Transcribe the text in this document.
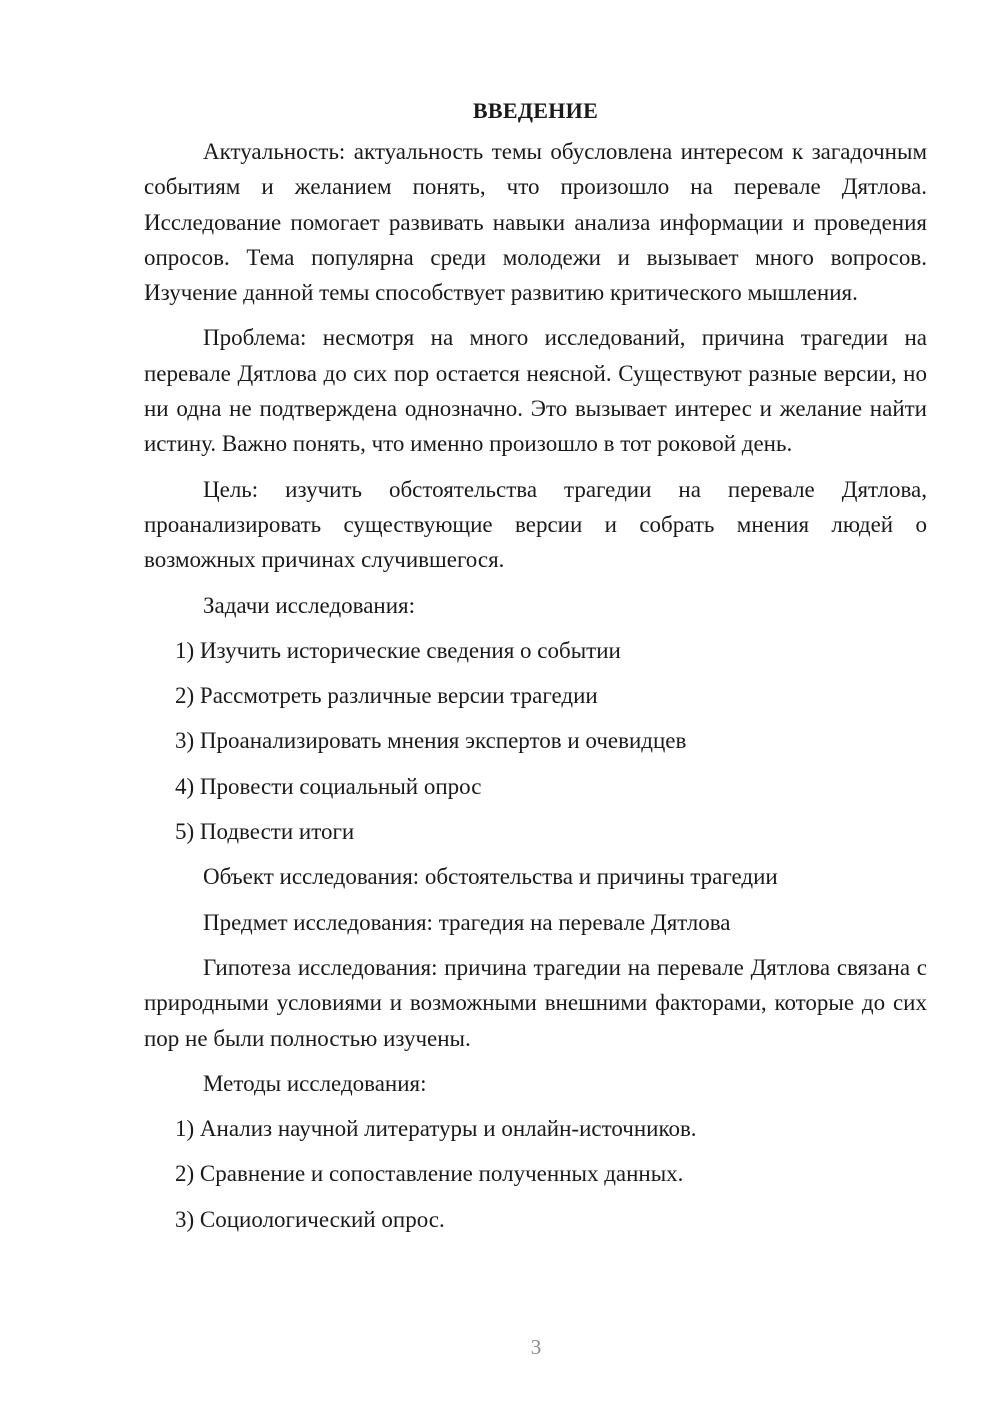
ВВЕДЕНИЕ

Актуальность: актуальность темы обусловлена интересом к загадочным событиям и желанием понять, что произошло на перевале Дятлова. Исследование помогает развивать навыки анализа информации и проведения опросов. Тема популярна среди молодежи и вызывает много вопросов. Изучение данной темы способствует развитию критического мышления.

Проблема: несмотря на много исследований, причина трагедии на перевале Дятлова до сих пор остается неясной. Существуют разные версии, но ни одна не подтверждена однозначно. Это вызывает интерес и желание найти истину. Важно понять, что именно произошло в тот роковой день.

Цель: изучить обстоятельства трагедии на перевале Дятлова, проанализировать существующие версии и собрать мнения людей о возможных причинах случившегося.

Задачи исследования:
1) Изучить исторические сведения о событии
2) Рассмотреть различные версии трагедии
3) Проанализировать мнения экспертов и очевидцев
4) Провести социальный опрос
5) Подвести итоги
Объект исследования: обстоятельства и причины трагедии
Предмет исследования: трагедия на перевале Дятлова

Гипотеза исследования: причина трагедии на перевале Дятлова связана с природными условиями и возможными внешними факторами, которые до сих пор не были полностью изучены.

Методы исследования:
1) Анализ научной литературы и онлайн-источников.
2) Сравнение и сопоставление полученных данных.
3) Социологический опрос.
3
